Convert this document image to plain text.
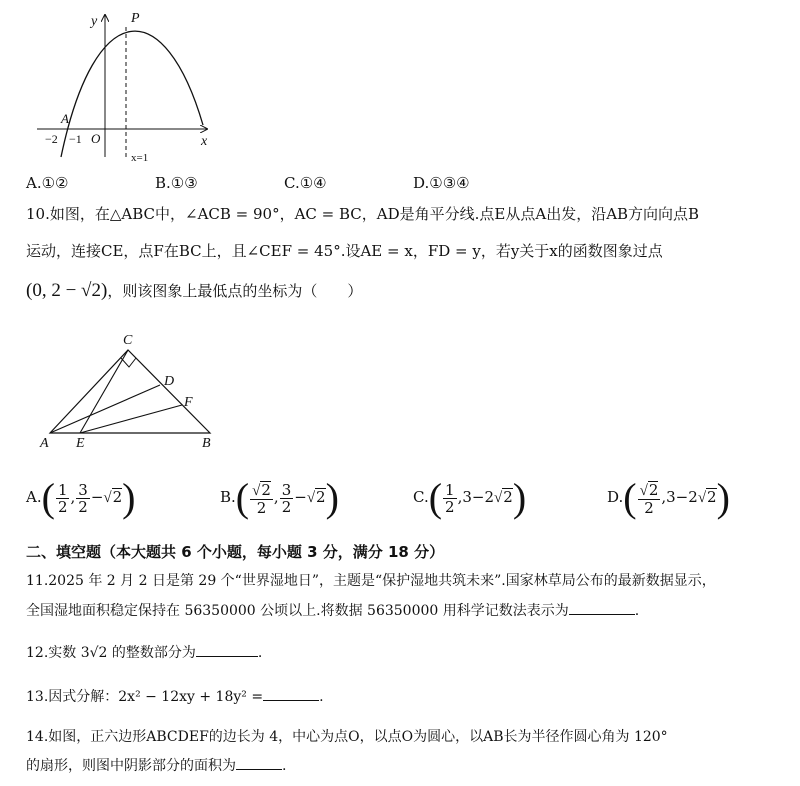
y P
A
−2 −1 O	x
x=1
A.①②	B.①③	C.①④	D.①③④
10.如图，在△ABC中，∠ACB = 90°，AC = BC，AD是角平分线.点E从点A出发，沿AB方向向点B
运动，连接CE，点F在BC上，且∠CEF = 45°.设AE = x，FD = y，若y关于x的函数图象过点
(0, 2 − √2)，则该图象上最低点的坐标为（　　）
C
D
F
A E	B
$A.( \frac{1}{2}$ , $\frac{3}{2} -√2$)	$B.( \frac{√2}{2}$ , $\frac{3}{2} -√2$)	$C.( \frac{1}{2} ,3-2√2)$	$D.( \frac{√2}{2} ,3-2√2)$
二、填空题（本大题共 6 个小题，每小题 3 分，满分 18 分）
11.2025 年 2 月 2 日是第 29 个“世界湿地日”，主题是“保护湿地共筑未来”.国家林草局公布的最新数据显示，
全国湿地面积稳定保持在 56350000 公顷以上.将数据 56350000 用科学记数法表示为	.
12.实数 3√2 的整数部分为	.
13.因式分解：2x² − 12xy + 18y² =	.
14.如图，正六边形ABCDEF的边长为 4，中心为点O，以点O为圆心，以AB长为半径作圆心角为 120°
的扇形，则图中阴影部分的面积为	.
